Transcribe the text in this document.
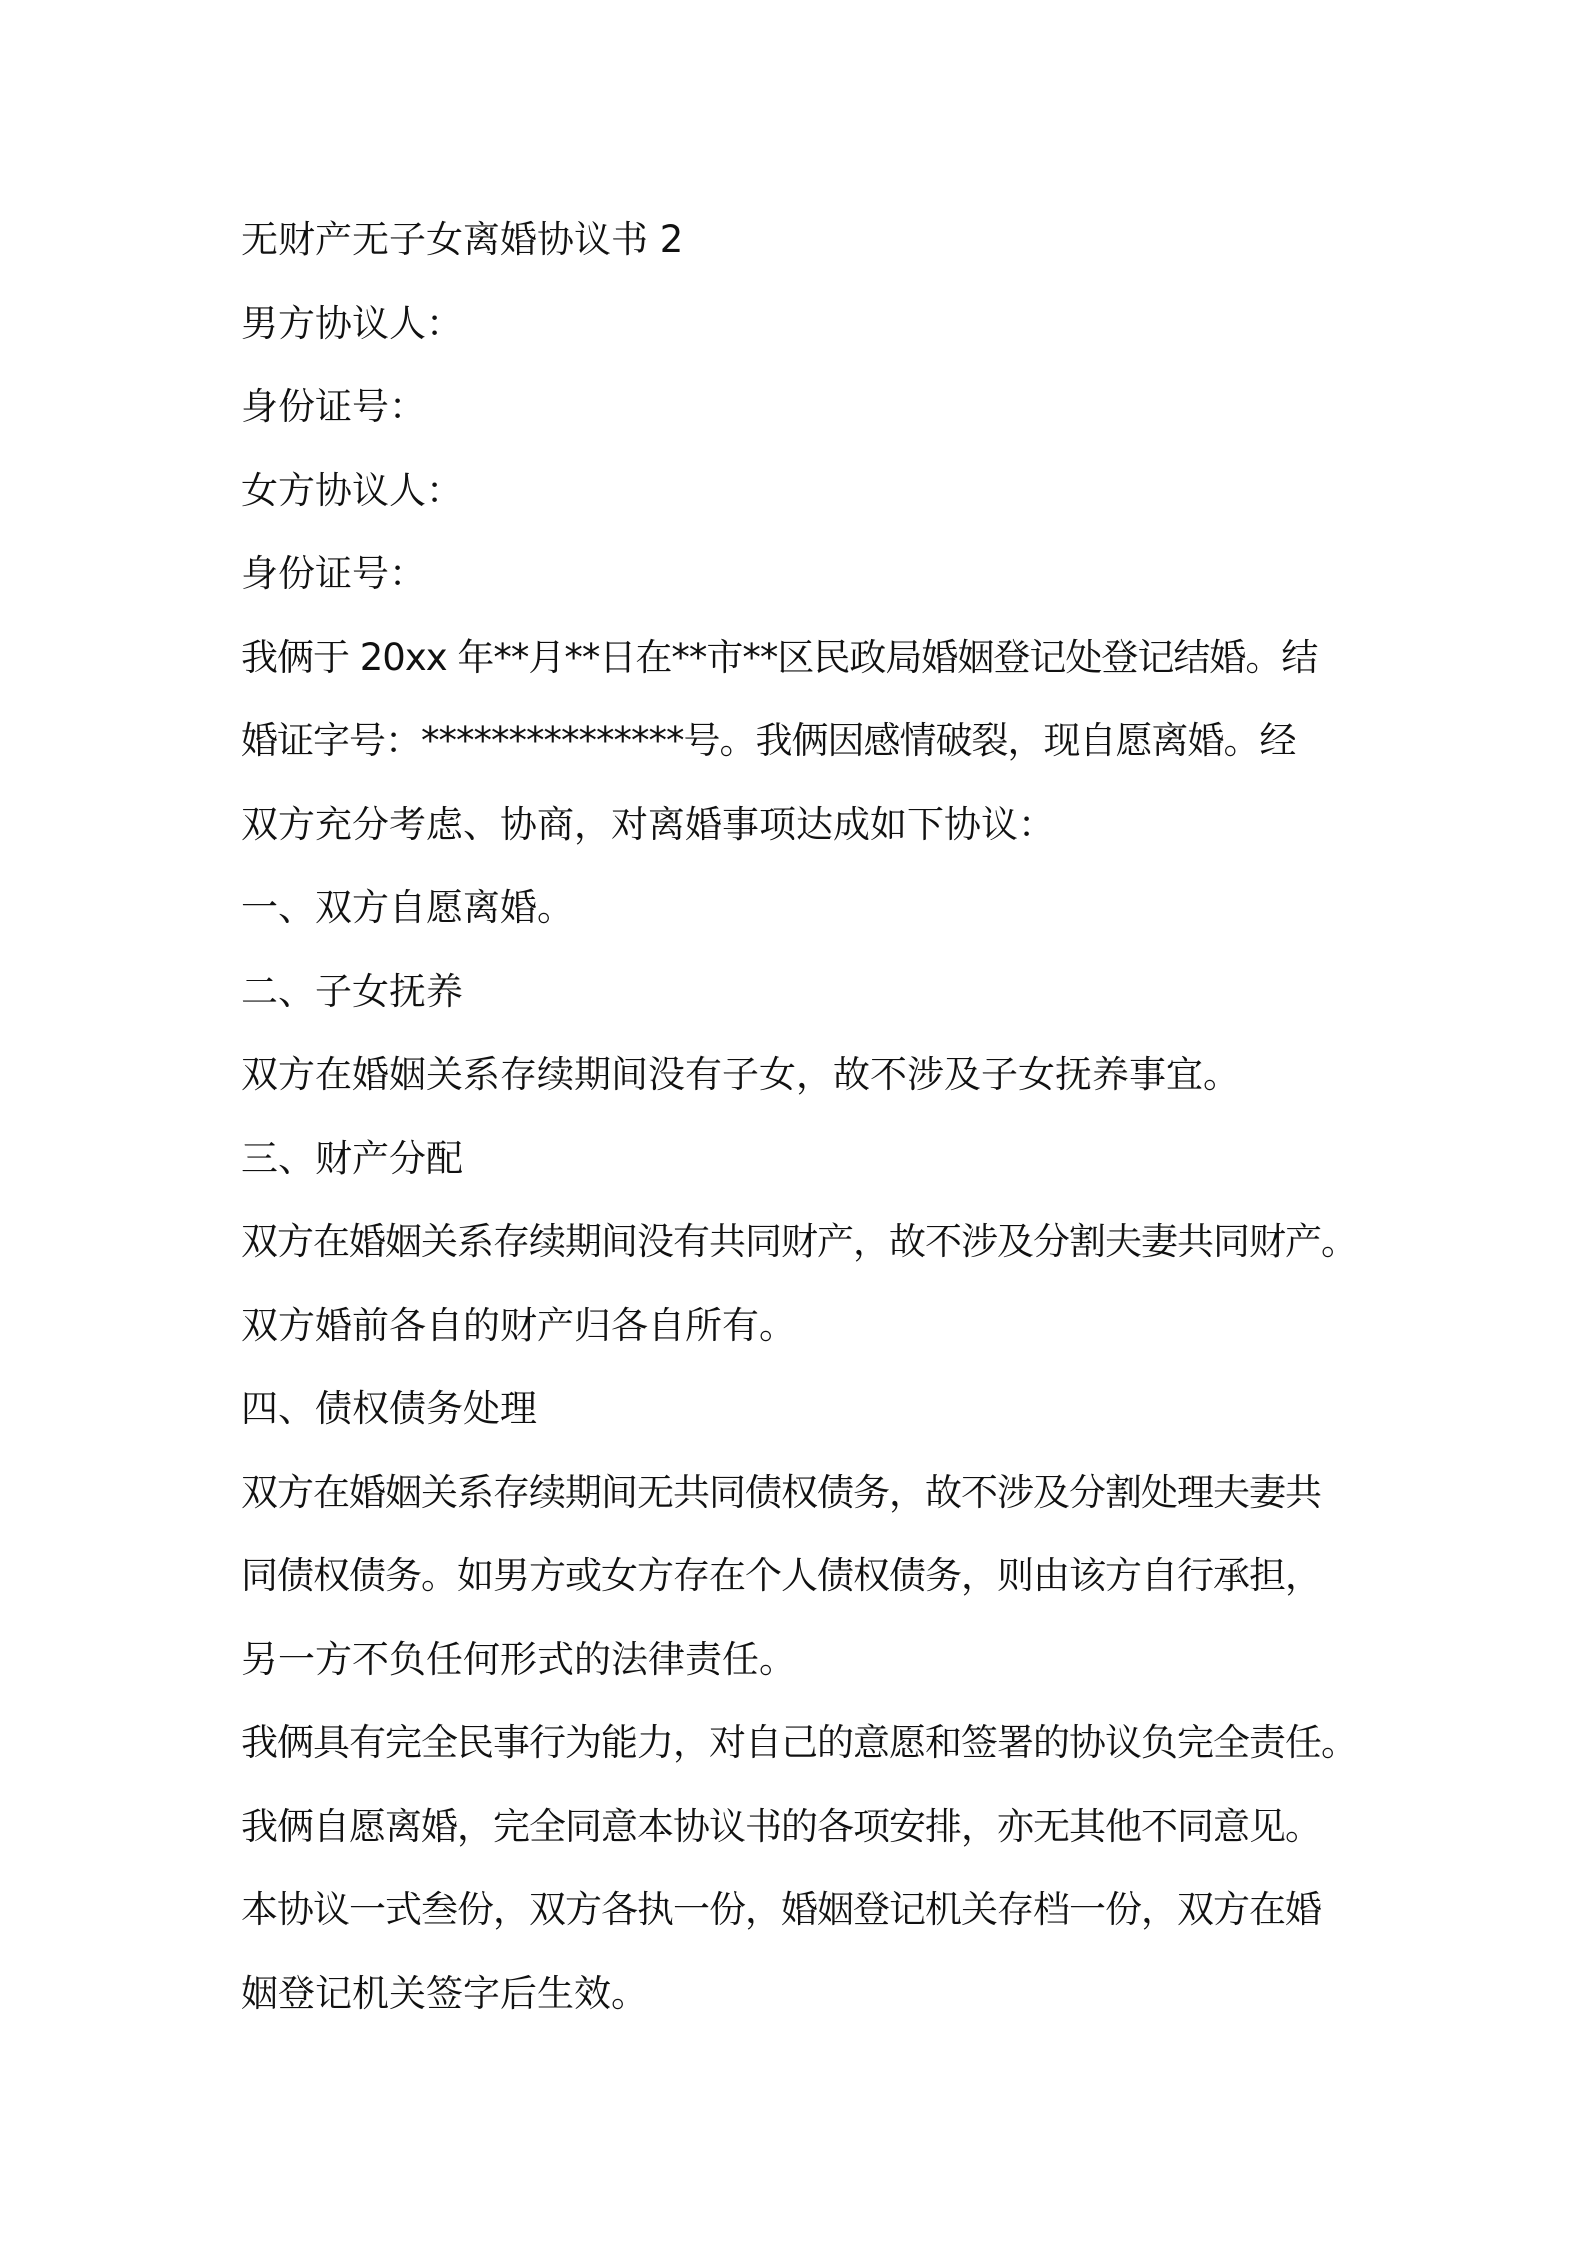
无财产无子女离婚协议书 2

男方协议人：

身份证号：

女方协议人：

身份证号：

我俩于 20xx 年**月**日在**市**区民政局婚姻登记处登记结婚。结

婚证字号：***************号。我俩因感情破裂，现自愿离婚。经

双方充分考虑、协商，对离婚事项达成如下协议：

一、双方自愿离婚。

二、子女抚养

双方在婚姻关系存续期间没有子女，故不涉及子女抚养事宜。

三、财产分配

双方在婚姻关系存续期间没有共同财产，故不涉及分割夫妻共同财产。

双方婚前各自的财产归各自所有。

四、债权债务处理

双方在婚姻关系存续期间无共同债权债务，故不涉及分割处理夫妻共

同债权债务。如男方或女方存在个人债权债务，则由该方自行承担，

另一方不负任何形式的法律责任。

我俩具有完全民事行为能力，对自己的意愿和签署的协议负完全责任。

我俩自愿离婚，完全同意本协议书的各项安排，亦无其他不同意见。

本协议一式叁份，双方各执一份，婚姻登记机关存档一份，双方在婚

姻登记机关签字后生效。
